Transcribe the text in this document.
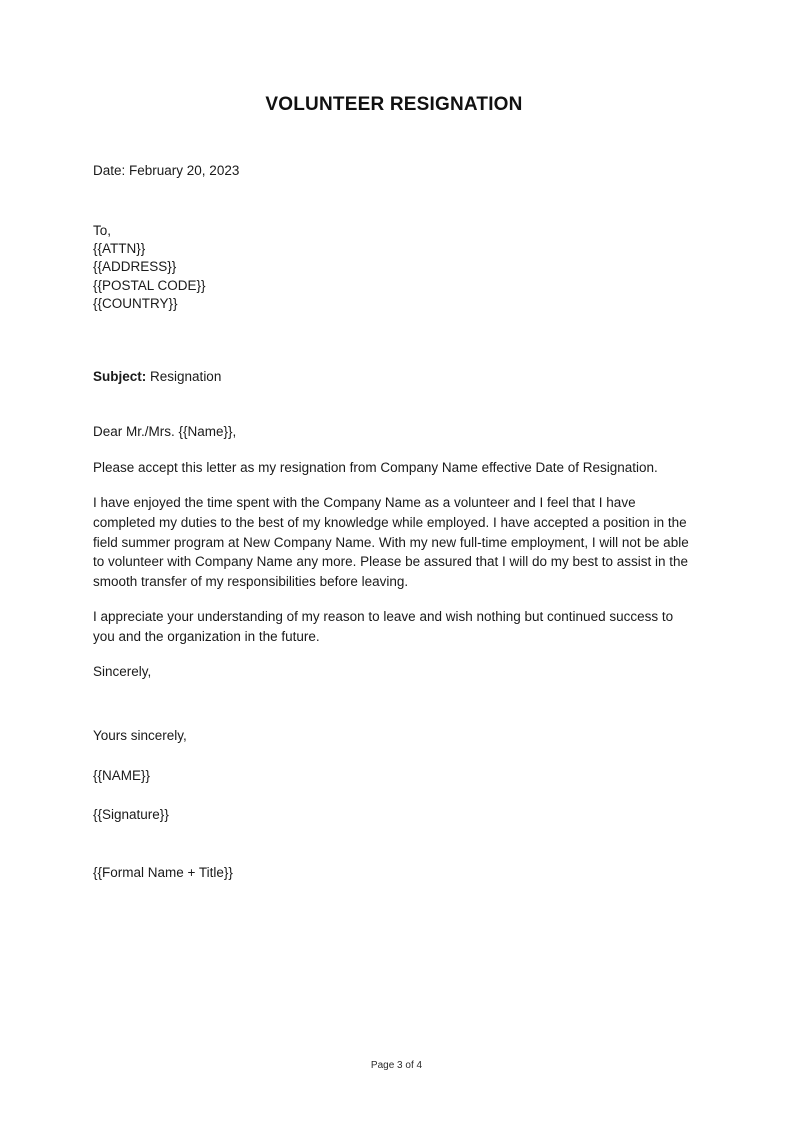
VOLUNTEER RESIGNATION

Date: February 20, 2023

To,
{{ATTN}}
{{ADDRESS}}
{{POSTAL CODE}}
{{COUNTRY}}

Subject: Resignation

Dear Mr./Mrs. {{Name}},

Please accept this letter as my resignation from Company Name effective Date of Resignation.

I have enjoyed the time spent with the Company Name as a volunteer and I feel that I have completed my duties to the best of my knowledge while employed. I have accepted a position in the field summer program at New Company Name. With my new full-time employment, I will not be able to volunteer with Company Name any more. Please be assured that I will do my best to assist in the smooth transfer of my responsibilities before leaving.

I appreciate your understanding of my reason to leave and wish nothing but continued success to you and the organization in the future.

Sincerely,

Yours sincerely,

{{NAME}}

{{Signature}}

{{Formal Name + Title}}

Page 3 of 4
